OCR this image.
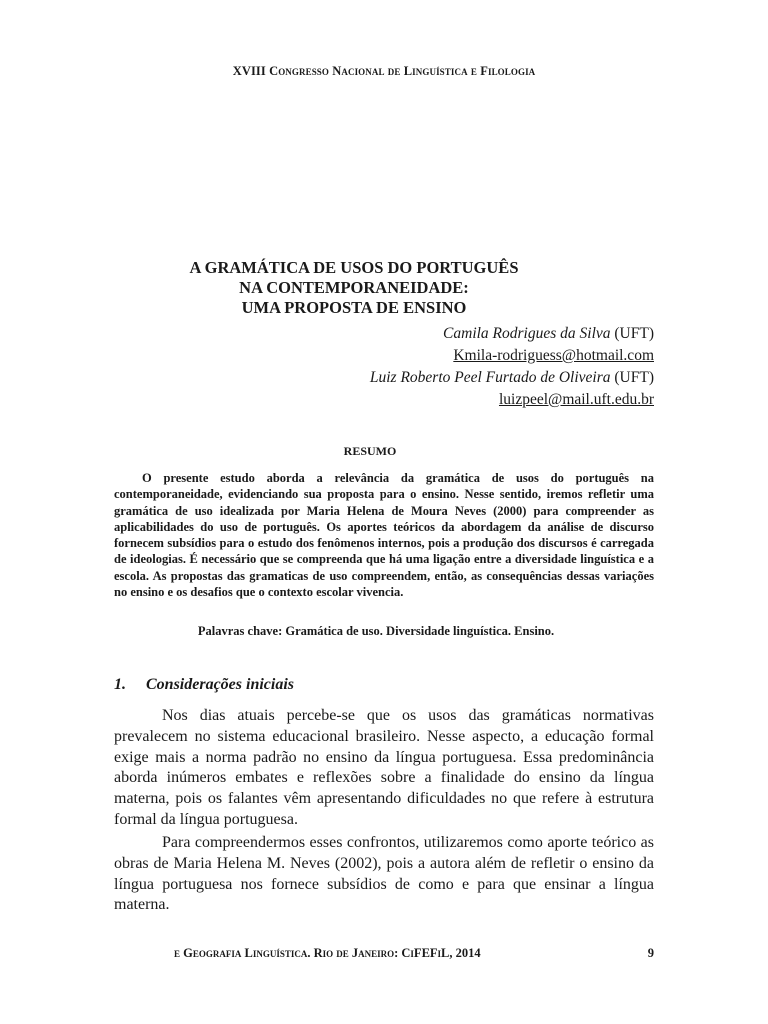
XVIII Congresso Nacional de Linguística e Filologia
A GRAMÁTICA DE USOS DO PORTUGUÊS
NA CONTEMPORANEIDADE:
UMA PROPOSTA DE ENSINO
Camila Rodrigues da Silva (UFT)
Kmila-rodriguess@hotmail.com
Luiz Roberto Peel Furtado de Oliveira (UFT)
luizpeel@mail.uft.edu.br
RESUMO

O presente estudo aborda a relevância da gramática de usos do português na contemporaneidade, evidenciando sua proposta para o ensino. Nesse sentido, iremos refletir uma gramática de uso idealizada por Maria Helena de Moura Neves (2000) para compreender as aplicabilidades do uso de português. Os aportes teóricos da abordagem da análise de discurso fornecem subsídios para o estudo dos fenômenos internos, pois a produção dos discursos é carregada de ideologias. É necessário que se compreenda que há uma ligação entre a diversidade linguística e a escola. As propostas das gramaticas de uso compreendem, então, as consequências dessas variações no ensino e os desafios que o contexto escolar vivencia.

Palavras chave: Gramática de uso. Diversidade linguística. Ensino.
1. Considerações iniciais

Nos dias atuais percebe-se que os usos das gramáticas normativas prevalecem no sistema educacional brasileiro. Nesse aspecto, a educação formal exige mais a norma padrão no ensino da língua portuguesa. Essa predominância aborda inúmeros embates e reflexões sobre a finalidade do ensino da língua materna, pois os falantes vêm apresentando dificuldades no que refere à estrutura formal da língua portuguesa.

Para compreendermos esses confrontos, utilizaremos como aporte teórico as obras de Maria Helena M. Neves (2002), pois a autora além de refletir o ensino da língua portuguesa nos fornece subsídios de como e para que ensinar a língua materna.

e Geografia Linguística. Rio de Janeiro: CiFEFiL, 2014	9
